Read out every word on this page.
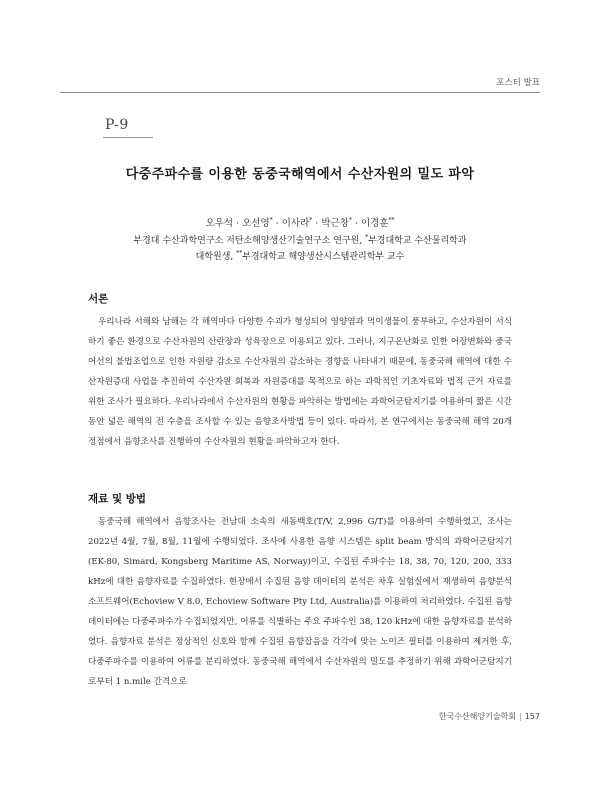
포스터 발표
P-9
다중주파수를 이용한 동중국해역에서 수산자원의 밀도 파악
오우석 · 오선영* · 이사라* · 박근창* · 이경훈**
부경대 수산과학연구소 저탄소해양생산기술연구소 연구원, *부경대학교 수산물리학과
대학원생, **부경대학교 해양생산시스템관리학부 교수
서론

우리나라 서해와 남해는 각 해역마다 다양한 수괴가 형성되어 영양염과 먹이생물이 풍부하고, 수산자원이 서식하기 좋은 환경으로 수산자원의 산란장과 성육장으로 이용되고 있다. 그러나, 지구온난화로 인한 어장변화와 중국어선의 불법조업으로 인한 자원량 감소로 수산자원의 감소하는 경향을 나타내기 때문에, 동중국해 해역에 대한 수산자원증대 사업을 추진하여 수산자원 회복과 자원증대를 목적으로 하는 과학적인 기초자료와 법적 근거 자료를 위한 조사가 필요하다. 우리나라에서 수산자원의 현황을 파악하는 방법에는 과학어군탐지기를 이용하여 짧은 시간 동안 넓은 해역의 전 수층을 조사할 수 있는 음향조사방법 등이 있다. 따라서, 본 연구에서는 동중국해 해역 20개 정점에서 음향조사를 진행하여 수산자원의 현황을 파악하고자 한다.

재료 및 방법

동중국해 해역에서 음향조사는 전남대 소속의 새동백호(T/V, 2,996 G/T)를 이용하여 수행하였고, 조사는 2022년 4월, 7월, 8월, 11월에 수행되었다. 조사에 사용한 음향 시스템은 split beam 방식의 과학어군탐지기(EK-80, Simard, Kongsberg Maritime AS, Norway)이고, 수집된 주파수는 18, 38, 70, 120, 200, 333 kHz에 대한 음향자료를 수집하였다. 현장에서 수집된 음향 데이터의 분석은 차후 실험실에서 재생하여 음향분석 소프트웨어(Echoview V 8.0, Echoview Software Pty Ltd, Australia)를 이용하여 처리하였다. 수집된 음향 데이터에는 다중주파수가 수집되었지만, 어류를 식별하는 주요 주파수인 38, 120 kHz에 대한 음향자료를 분석하였다. 음향자료 분석은 정상적인 신호와 함께 수집된 음향잡음을 각각에 맞는 노이즈 필터를 이용하여 제거한 후, 다중주파수를 이용하여 어류를 분리하였다. 동중국해 해역에서 수산자원의 밀도를 추정하기 위해 과학어군탐지기로부터 1 n.mile 간격으로

한국수산해양기술학회 | 157
